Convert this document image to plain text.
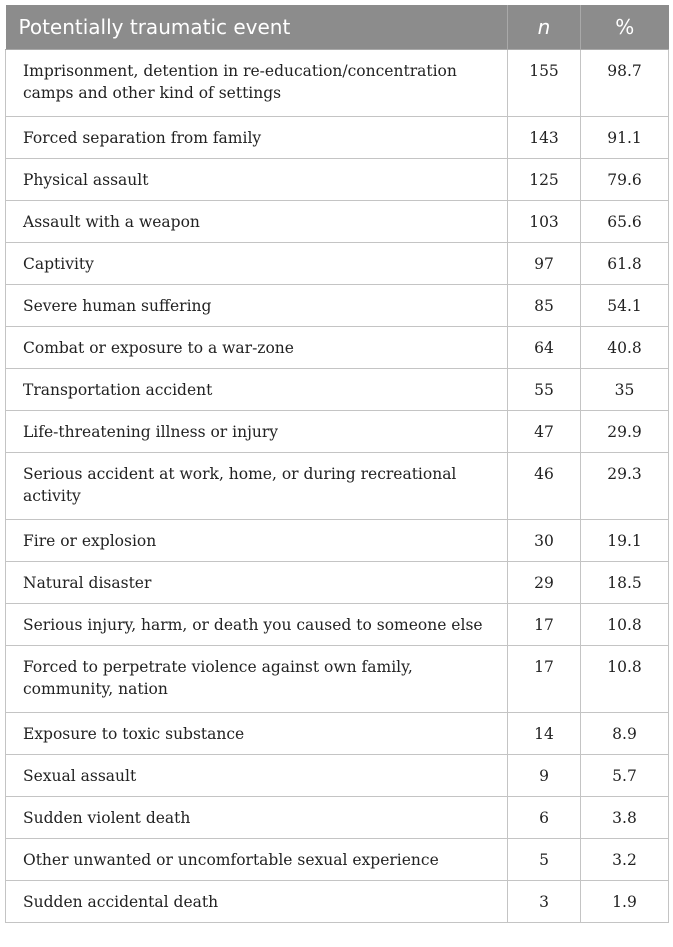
Potentially traumatic event	n	%
Imprisonment, detention in re-education/concentration camps and other kind of settings	155	98.7
Forced separation from family	143	91.1
Physical assault	125	79.6
Assault with a weapon	103	65.6
Captivity	97	61.8
Severe human suffering	85	54.1
Combat or exposure to a war-zone	64	40.8
Transportation accident	55	35
Life-threatening illness or injury	47	29.9
Serious accident at work, home, or during recreational activity	46	29.3
Fire or explosion	30	19.1
Natural disaster	29	18.5
Serious injury, harm, or death you caused to someone else	17	10.8
Forced to perpetrate violence against own family, community, nation	17	10.8
Exposure to toxic substance	14	8.9
Sexual assault	9	5.7
Sudden violent death	6	3.8
Other unwanted or uncomfortable sexual experience	5	3.2
Sudden accidental death	3	1.9
